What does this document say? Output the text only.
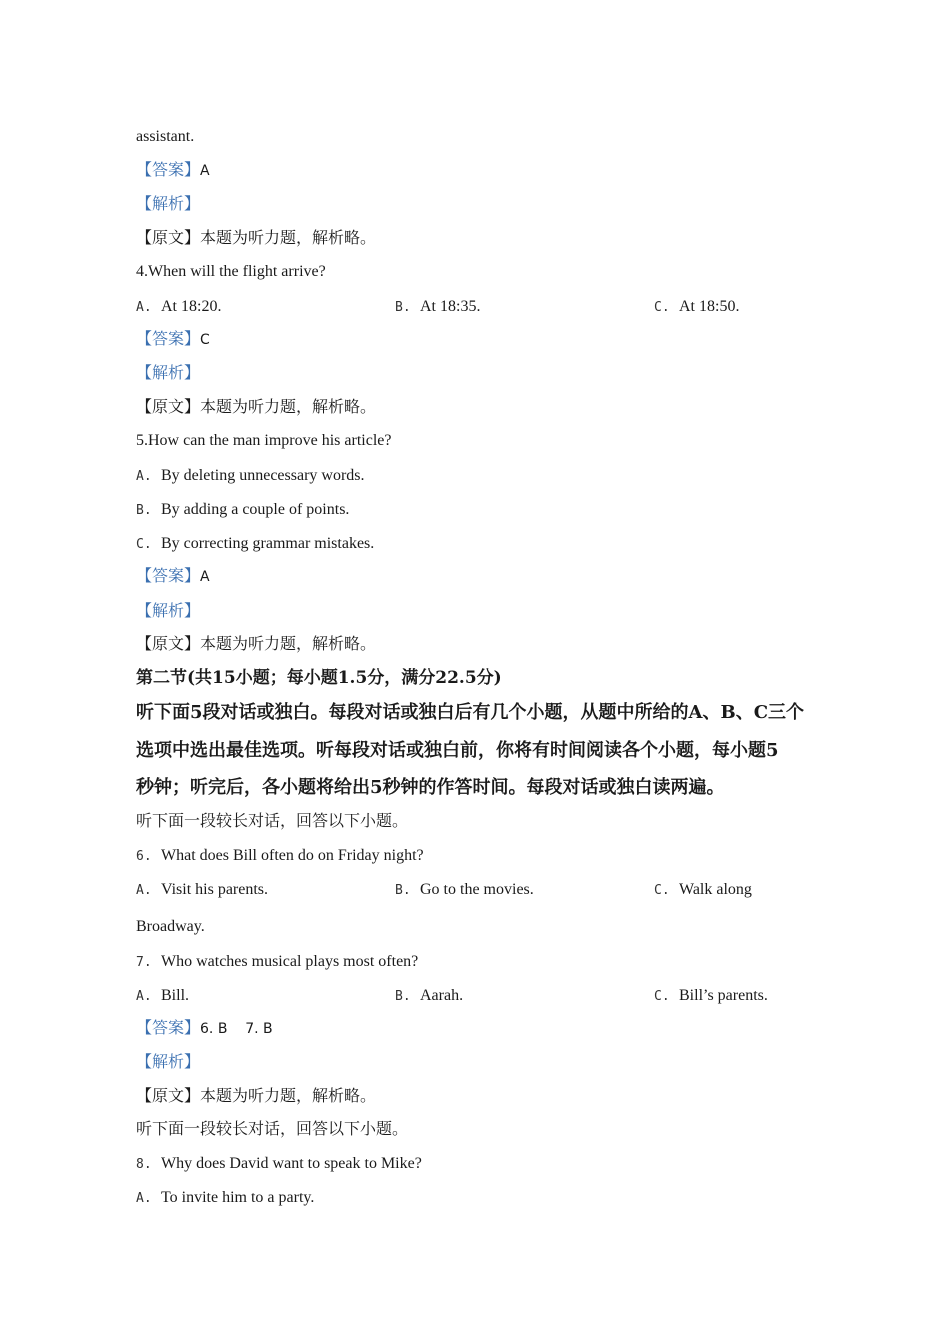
assistant.
【答案】A
【解析】
【原文】本题为听力题，解析略。
4.When will the flight arrive?
A. At 18:20.	B. At 18:35.	C. At 18:50.
【答案】C
【解析】
【原文】本题为听力题，解析略。
5.How can the man improve his article?
A. By deleting unnecessary words.
B. By adding a couple of points.
C. By correcting grammar mistakes.
【答案】A
【解析】
【原文】本题为听力题，解析略。
第二节(共15小题；每小题1.5分，满分22.5分)
听下面5段对话或独白。每段对话或独白后有几个小题，从题中所给的A、B、C三个
选项中选出最佳选项。听每段对话或独白前，你将有时间阅读各个小题，每小题5
秒钟；听完后，各小题将给出5秒钟的作答时间。每段对话或独白读两遍。
听下面一段较长对话，回答以下小题。
6. What does Bill often do on Friday night?
A. Visit his parents.	B. Go to the movies.	C. Walk along
Broadway.
7. Who watches musical plays most often?
A. Bill.	B. Aarah.	C. Bill’s parents.
【答案】6. B    7. B
【解析】
【原文】本题为听力题，解析略。
听下面一段较长对话，回答以下小题。
8. Why does David want to speak to Mike?
A. To invite him to a party.
